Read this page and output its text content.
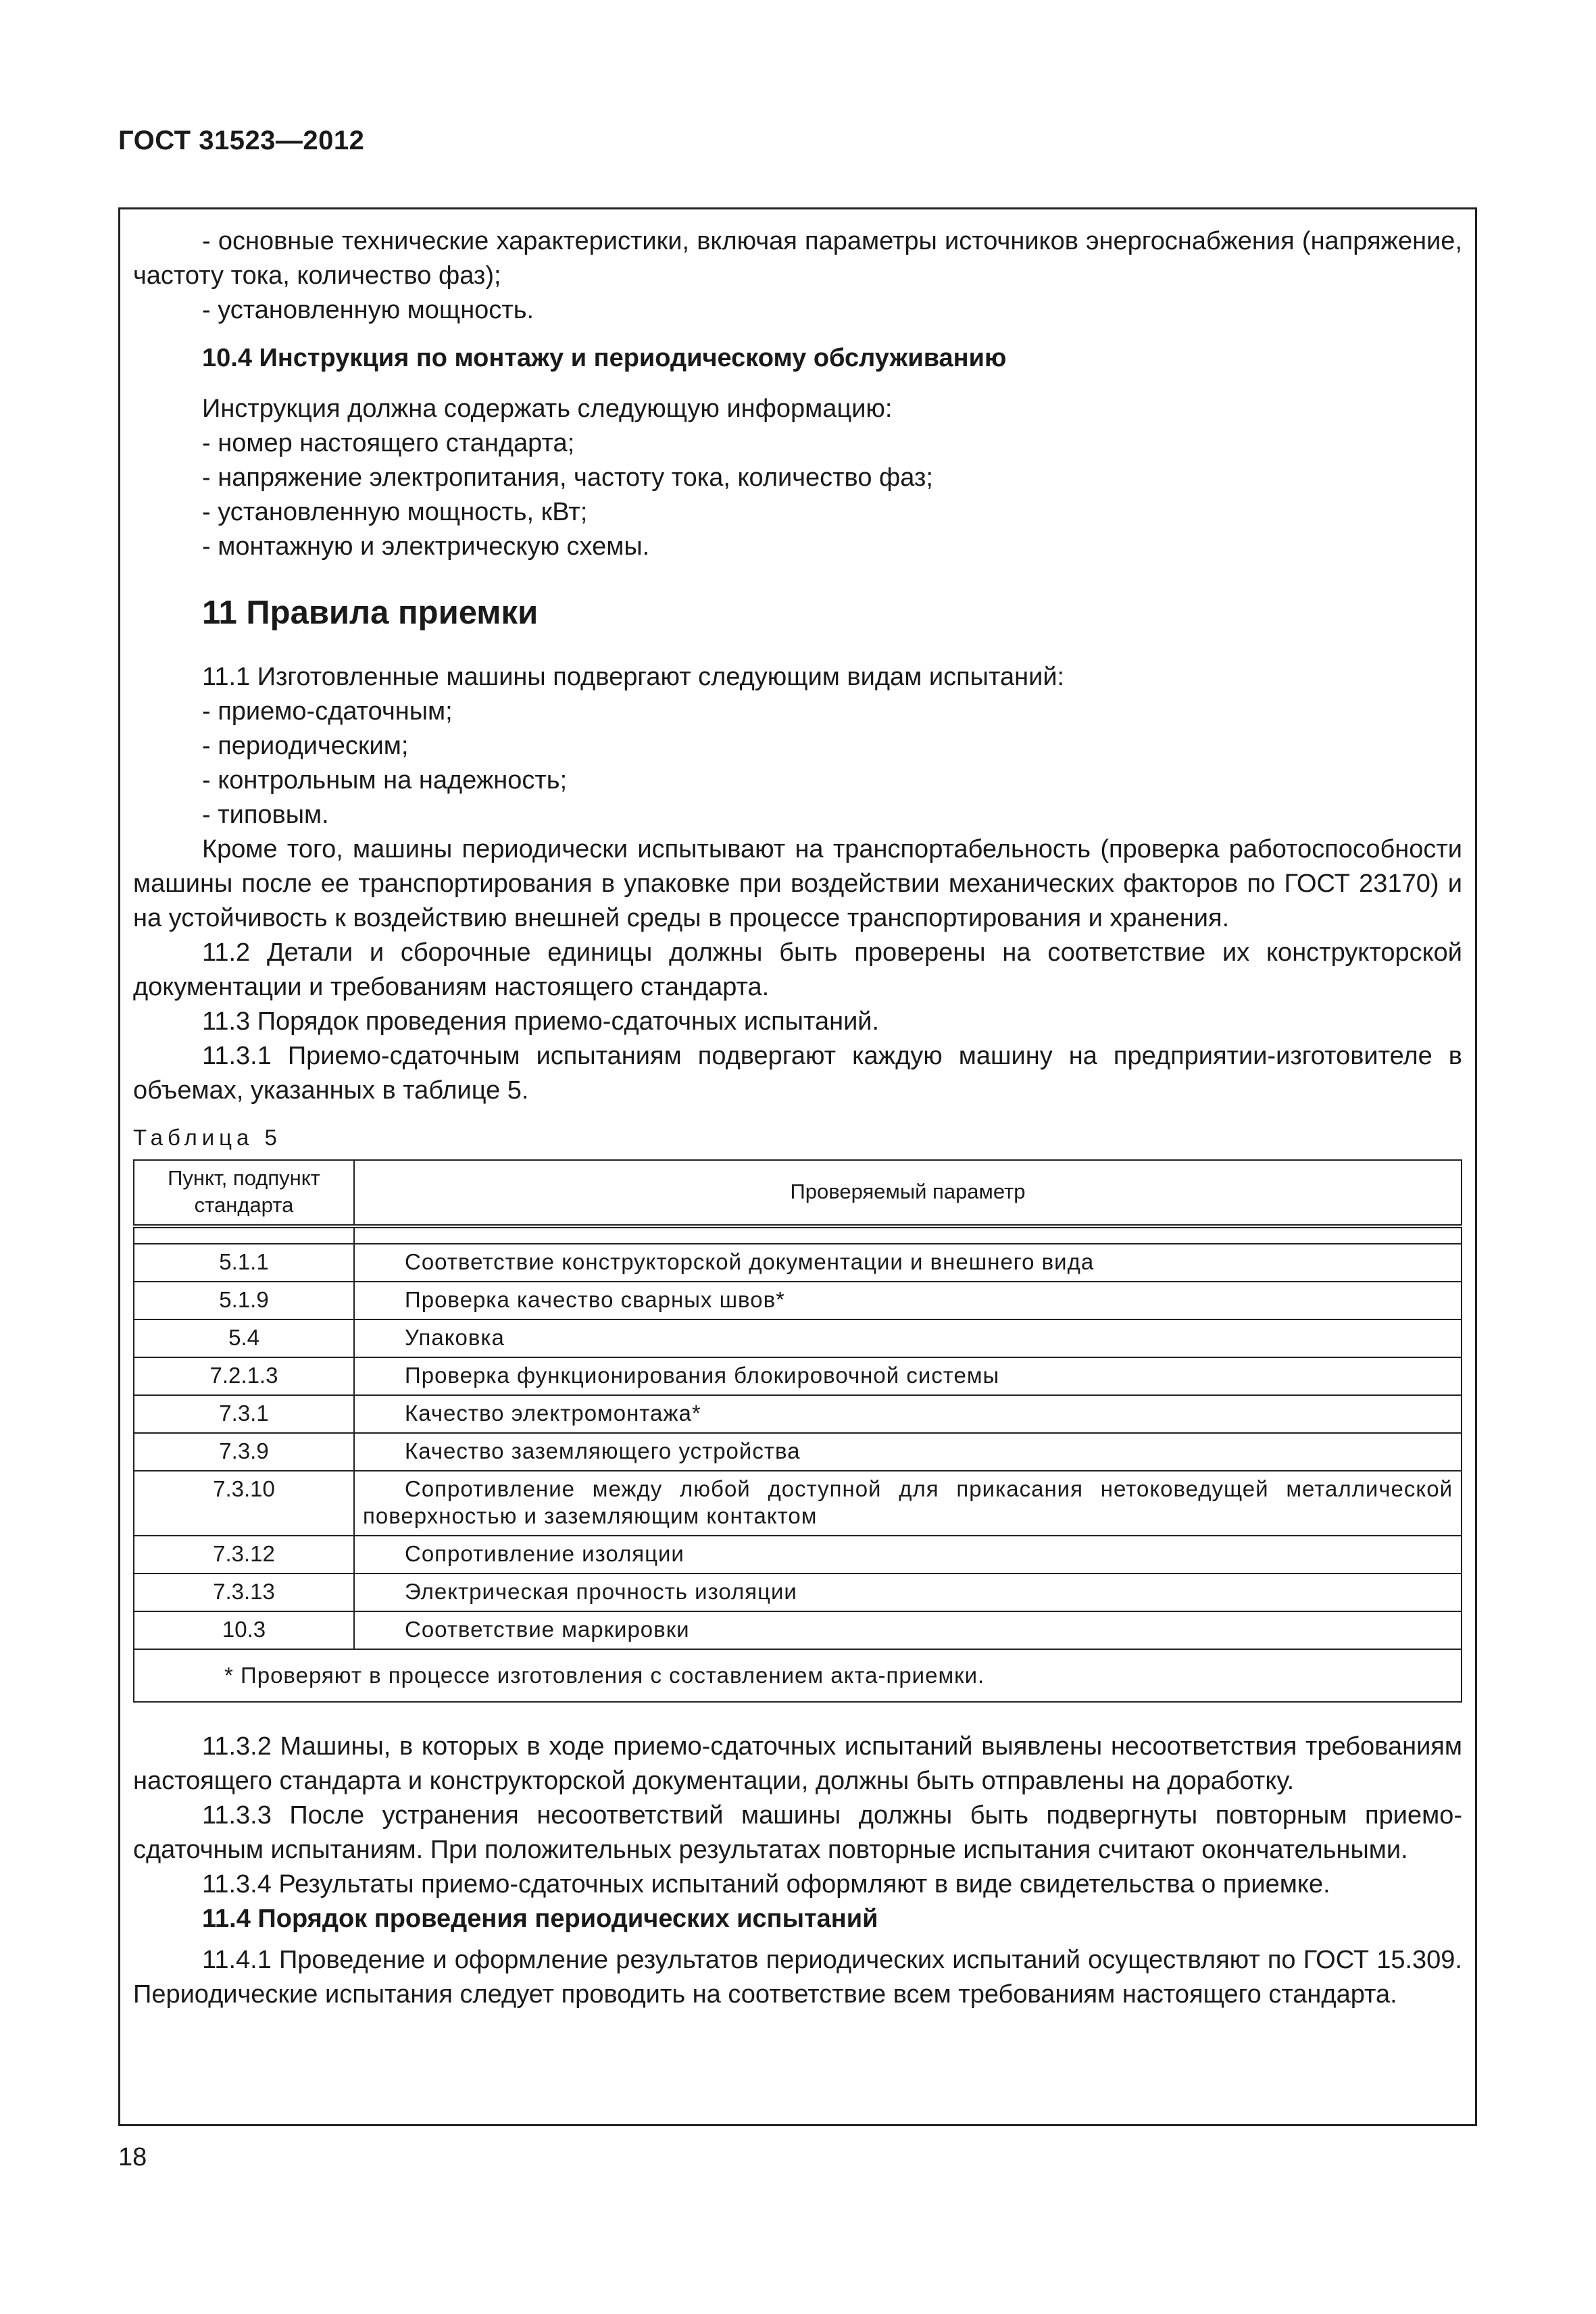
ГОСТ 31523—2012

- основные технические характеристики, включая параметры источников энергоснабжения (напряжение, частоту тока, количество фаз);

- установленную мощность.

10.4 Инструкция по монтажу и периодическому обслуживанию

Инструкция должна содержать следующую информацию:

- номер настоящего стандарта;

- напряжение электропитания, частоту тока, количество фаз;

- установленную мощность, кВт;

- монтажную и электрическую схемы.

11 Правила приемки

11.1 Изготовленные машины подвергают следующим видам испытаний:

- приемо-сдаточным;

- периодическим;

- контрольным на надежность;

- типовым.

Кроме того, машины периодически испытывают на транспортабельность (проверка работоспособности машины после ее транспортирования в упаковке при воздействии механических факторов по ГОСТ 23170) и на устойчивость к воздействию внешней среды в процессе транспортирования и хранения.

11.2 Детали и сборочные единицы должны быть проверены на соответствие их конструкторской документации и требованиям настоящего стандарта.

11.3 Порядок проведения приемо-сдаточных испытаний.

11.3.1 Приемо-сдаточным испытаниям подвергают каждую машину на предприятии-изготовителе в объемах, указанных в таблице 5.

Таблица 5
Пункт, подпункт стандарта	Проверяемый параметр

5.1.1	Соответствие конструкторской документации и внешнего вида
5.1.9	Проверка качество сварных швов*
5.4	Упаковка
7.2.1.3	Проверка функционирования блокировочной системы
7.3.1	Качество электромонтажа*
7.3.9	Качество заземляющего устройства
7.3.10	Сопротивление между любой доступной для прикасания нетоковедущей металлической поверхностью и заземляющим контактом
7.3.12	Сопротивление изоляции
7.3.13	Электрическая прочность изоляции
10.3	Соответствие маркировки
* Проверяют в процессе изготовления с составлением акта-приемки.	

11.3.2 Машины, в которых в ходе приемо-сдаточных испытаний выявлены несоответствия требованиям настоящего стандарта и конструкторской документации, должны быть отправлены на доработку.

11.3.3 После устранения несоответствий машины должны быть подвергнуты повторным приемо-сдаточным испытаниям. При положительных результатах повторные испытания считают окончательными.

11.3.4 Результаты приемо-сдаточных испытаний оформляют в виде свидетельства о приемке.

11.4 Порядок проведения периодических испытаний

11.4.1 Проведение и оформление результатов периодических испытаний осуществляют по ГОСТ 15.309. Периодические испытания следует проводить на соответствие всем требованиям настоящего стандарта.

18
